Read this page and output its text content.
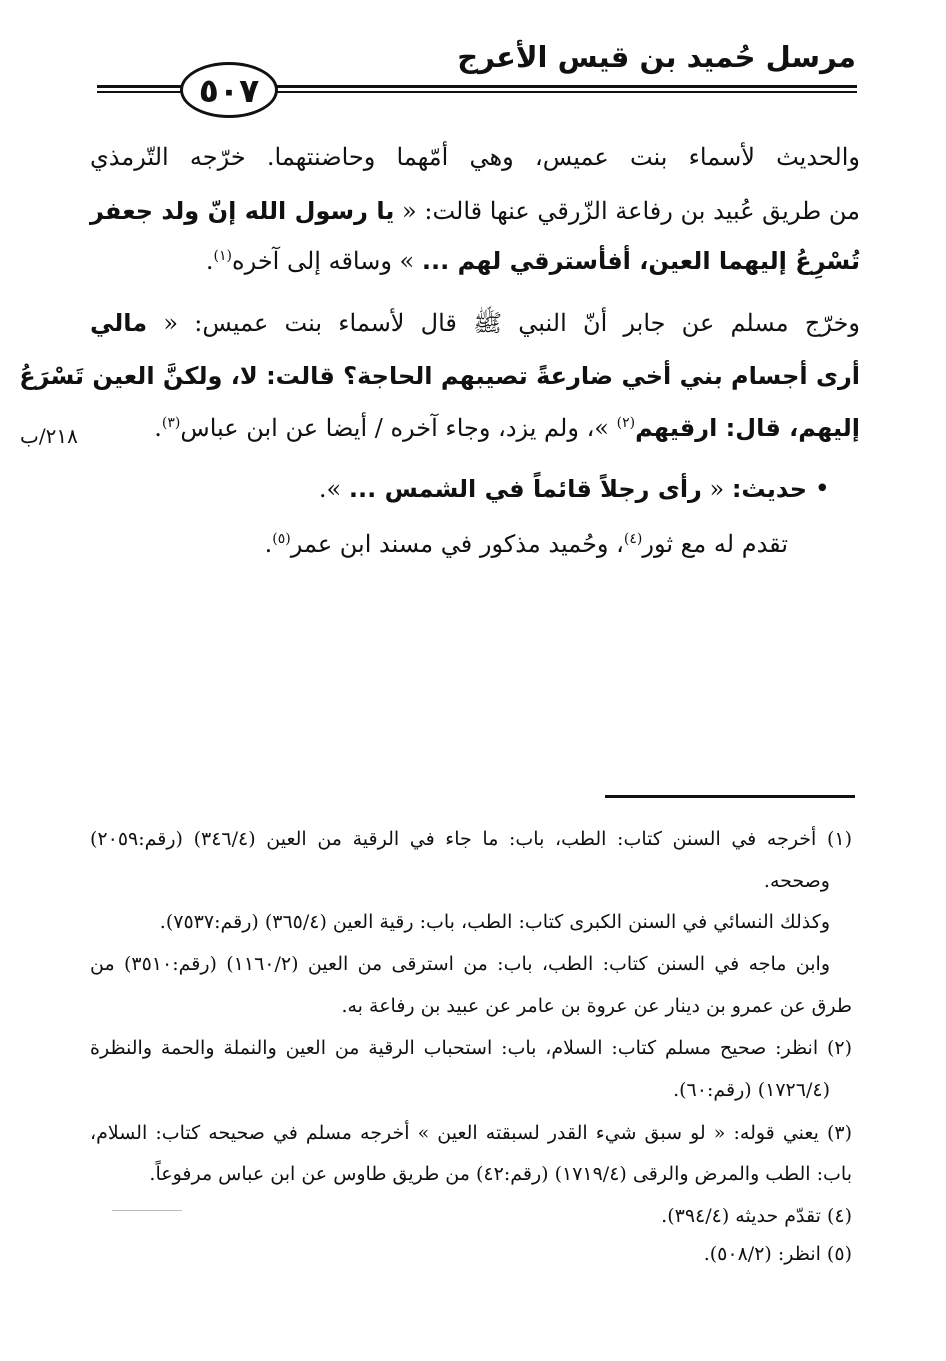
مرسل حُميد بن قيس الأعرج
٥٠٧
٢١٨/ب
والحديث لأسماء بنت عميس، وهي أمّهما وحاضنتهما. خرّجه التّرمذي
من طريق عُبيد بن رفاعة الزّرقي عنها قالت: « يا رسول الله إنّ ولد جعفر
تُسْرِعُ إليهما العين، أفأسترقي لهم ... » وساقه إلى آخره$^{(١)}$.
وخرّج مسلم عن جابر أنّ النبي ﷺ قال لأسماء بنت عميس: « مالي
أرى أجسام بني أخي ضارعةً تصيبهم الحاجة؟ قالت: لا، ولكنَّ العين تَسْرَعُ
إليهم، قال: ارقيهم$^{(٢)}$ »، ولم يزد، وجاء آخره / أيضا عن ابن عباس$^{(٣)}$.
• حديث: « رأى رجلاً قائماً في الشمس ... ».
تقدم له مع ثور$^{(٤)}$، وحُميد مذكور في مسند ابن عمر$^{(٥)}$.
(١) أخرجه في السنن كتاب: الطب، باب: ما جاء في الرقية من العين (٣٤٦/٤) (رقم:٢٠٥٩)
وصححه.
وكذلك النسائي في السنن الكبرى كتاب: الطب، باب: رقية العين (٣٦٥/٤) (رقم:٧٥٣٧).
وابن ماجه في السنن كتاب: الطب، باب: من استرقى من العين (١١٦٠/٢) (رقم:٣٥١٠) من
طرق عن عمرو بن دينار عن عروة بن عامر عن عبيد بن رفاعة به.
(٢) انظر: صحيح مسلم كتاب: السلام، باب: استحباب الرقية من العين والنملة والحمة والنظرة
(١٧٢٦/٤) (رقم:٦٠).
(٣) يعني قوله: « لو سبق شيء القدر لسبقته العين » أخرجه مسلم في صحيحه كتاب: السلام،
باب: الطب والمرض والرقى (١٧١٩/٤) (رقم:٤٢) من طريق طاوس عن ابن عباس مرفوعاً.
(٤) تقدّم حديثه (٣٩٤/٤).
(٥) انظر: (٥٠٨/٢).
